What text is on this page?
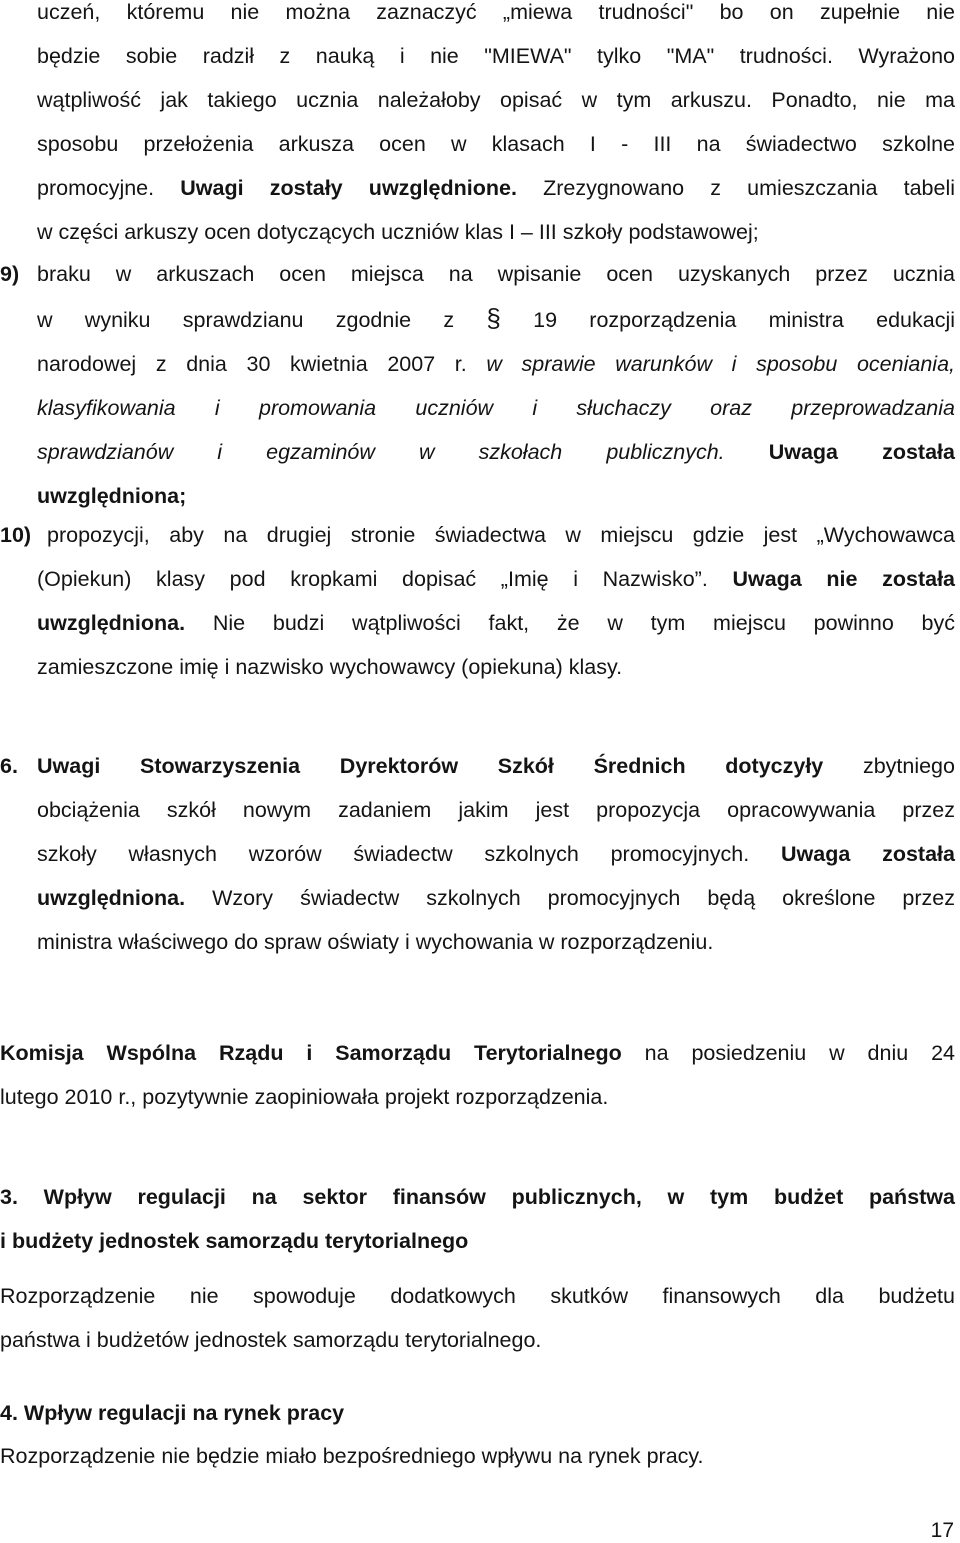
uczeń, któremu nie można zaznaczyć „miewa trudności" bo on zupełnie nie
będzie sobie radził z nauką i nie "MIEWA" tylko "MA" trudności. Wyrażono
wątpliwość jak takiego ucznia należałoby opisać w tym arkuszu. Ponadto, nie ma
sposobu przełożenia arkusza ocen w klasach I - III na świadectwo szkolne
promocyjne. Uwagi zostały uwzględnione. Zrezygnowano z umieszczania tabeli
w części arkuszy ocen dotyczących uczniów klas I – III szkoły podstawowej;
9) braku w arkuszach ocen miejsca na wpisanie ocen uzyskanych przez ucznia
w wyniku sprawdzianu zgodnie z § 19 rozporządzenia ministra edukacji
narodowej z dnia 30 kwietnia 2007 r. w sprawie warunków i sposobu oceniania,
klasyfikowania i promowania uczniów i słuchaczy oraz przeprowadzania
sprawdzianów i egzaminów w szkołach publicznych. Uwaga została
uwzględniona;
10) propozycji, aby na drugiej stronie świadectwa w miejscu gdzie jest „Wychowawca
(Opiekun) klasy pod kropkami dopisać „Imię i Nazwisko”. Uwaga nie została
uwzględniona. Nie budzi wątpliwości fakt, że w tym miejscu powinno być
zamieszczone imię i nazwisko wychowawcy (opiekuna) klasy.
6. Uwagi Stowarzyszenia Dyrektorów Szkół Średnich dotyczyły zbytniego
obciążenia szkół nowym zadaniem jakim jest propozycja opracowywania przez
szkoły własnych wzorów świadectw szkolnych promocyjnych. Uwaga została
uwzględniona. Wzory świadectw szkolnych promocyjnych będą określone przez
ministra właściwego do spraw oświaty i wychowania w rozporządzeniu.
Komisja Wspólna Rządu i Samorządu Terytorialnego na posiedzeniu w dniu 24
lutego 2010 r., pozytywnie zaopiniowała projekt rozporządzenia.
3. Wpływ regulacji na sektor finansów publicznych, w tym budżet państwa
i budżety jednostek samorządu terytorialnego
Rozporządzenie nie spowoduje dodatkowych skutków finansowych dla budżetu
państwa i budżetów jednostek samorządu terytorialnego.
4. Wpływ regulacji na rynek pracy
Rozporządzenie nie będzie miało bezpośredniego wpływu na rynek pracy.
17
